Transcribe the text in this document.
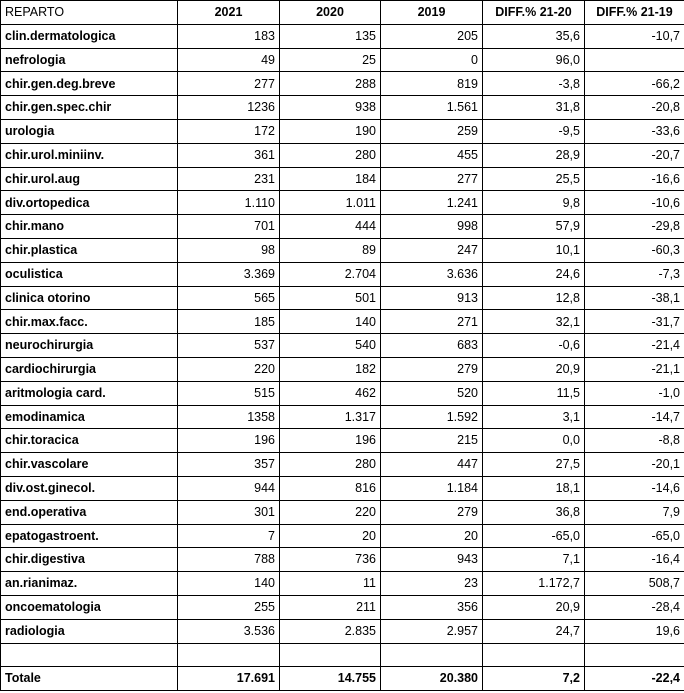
REPARTO	2021	2020	2019	DIFF.% 21-20	DIFF.% 21-19
clin.dermatologica	183	135	205	35,6	-10,7
nefrologia	49	25	0	96,0	
chir.gen.deg.breve	277	288	819	-3,8	-66,2
chir.gen.spec.chir	1236	938	1.561	31,8	-20,8
urologia	172	190	259	-9,5	-33,6
chir.urol.miniinv.	361	280	455	28,9	-20,7
chir.urol.aug	231	184	277	25,5	-16,6
div.ortopedica	1.110	1.011	1.241	9,8	-10,6
chir.mano	701	444	998	57,9	-29,8
chir.plastica	98	89	247	10,1	-60,3
oculistica	3.369	2.704	3.636	24,6	-7,3
clinica otorino	565	501	913	12,8	-38,1
chir.max.facc.	185	140	271	32,1	-31,7
neurochirurgia	537	540	683	-0,6	-21,4
cardiochirurgia	220	182	279	20,9	-21,1
aritmologia card.	515	462	520	11,5	-1,0
emodinamica	1358	1.317	1.592	3,1	-14,7
chir.toracica	196	196	215	0,0	-8,8
chir.vascolare	357	280	447	27,5	-20,1
div.ost.ginecol.	944	816	1.184	18,1	-14,6
end.operativa	301	220	279	36,8	7,9
epatogastroent.	7	20	20	-65,0	-65,0
chir.digestiva	788	736	943	7,1	-16,4
an.rianimaz.	140	11	23	1.172,7	508,7
oncoematologia	255	211	356	20,9	-28,4
radiologia	3.536	2.835	2.957	24,7	19,6

Totale	17.691	14.755	20.380	7,2	-22,4
